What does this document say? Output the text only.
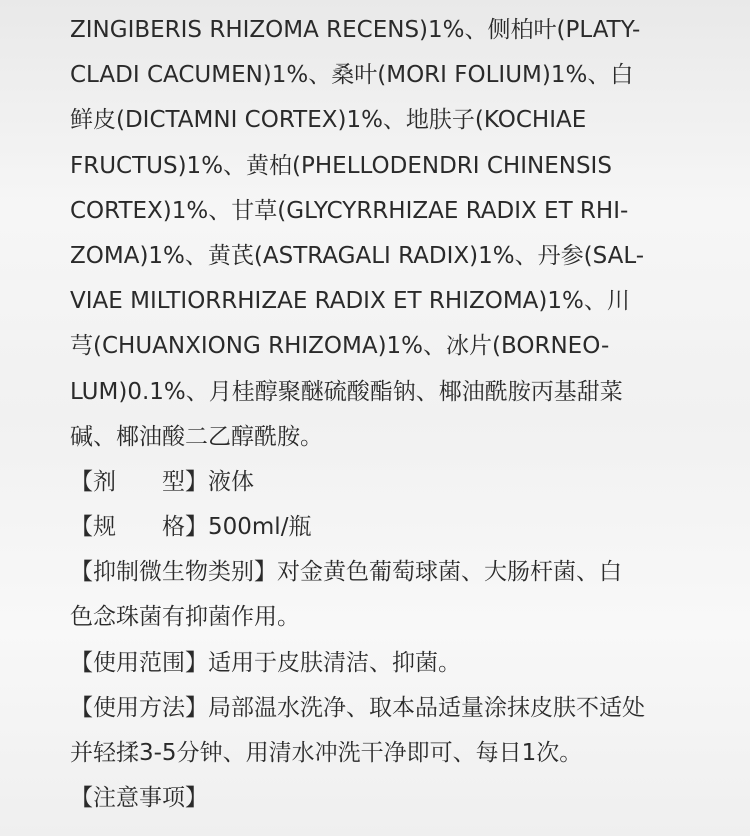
ZINGIBERIS RHIZOMA RECENS)1%、侧柏叶(PLATY-
CLADI CACUMEN)1%、桑叶(MORI FOLIUM)1%、白
鲜皮(DICTAMNI CORTEX)1%、地肤子(KOCHIAE
FRUCTUS)1%、黄柏(PHELLODENDRI CHINENSIS
CORTEX)1%、甘草(GLYCYRRHIZAE RADIX ET RHI-
ZOMA)1%、黄芪(ASTRAGALI RADIX)1%、丹参(SAL-
VIAE MILTIORRHIZAE RADIX ET RHIZOMA)1%、川
芎(CHUANXIONG RHIZOMA)1%、冰片(BORNEO-
LUM)0.1%、月桂醇聚醚硫酸酯钠、椰油酰胺丙基甜菜
碱、椰油酸二乙醇酰胺。
【剂　　型】液体
【规　　格】500ml/瓶
【抑制微生物类别】对金黄色葡萄球菌、大肠杆菌、白
色念珠菌有抑菌作用。
【使用范围】适用于皮肤清洁、抑菌。
【使用方法】局部温水洗净、取本品适量涂抹皮肤不适处
并轻揉3-5分钟、用清水冲洗干净即可、每日1次。
【注意事项】
